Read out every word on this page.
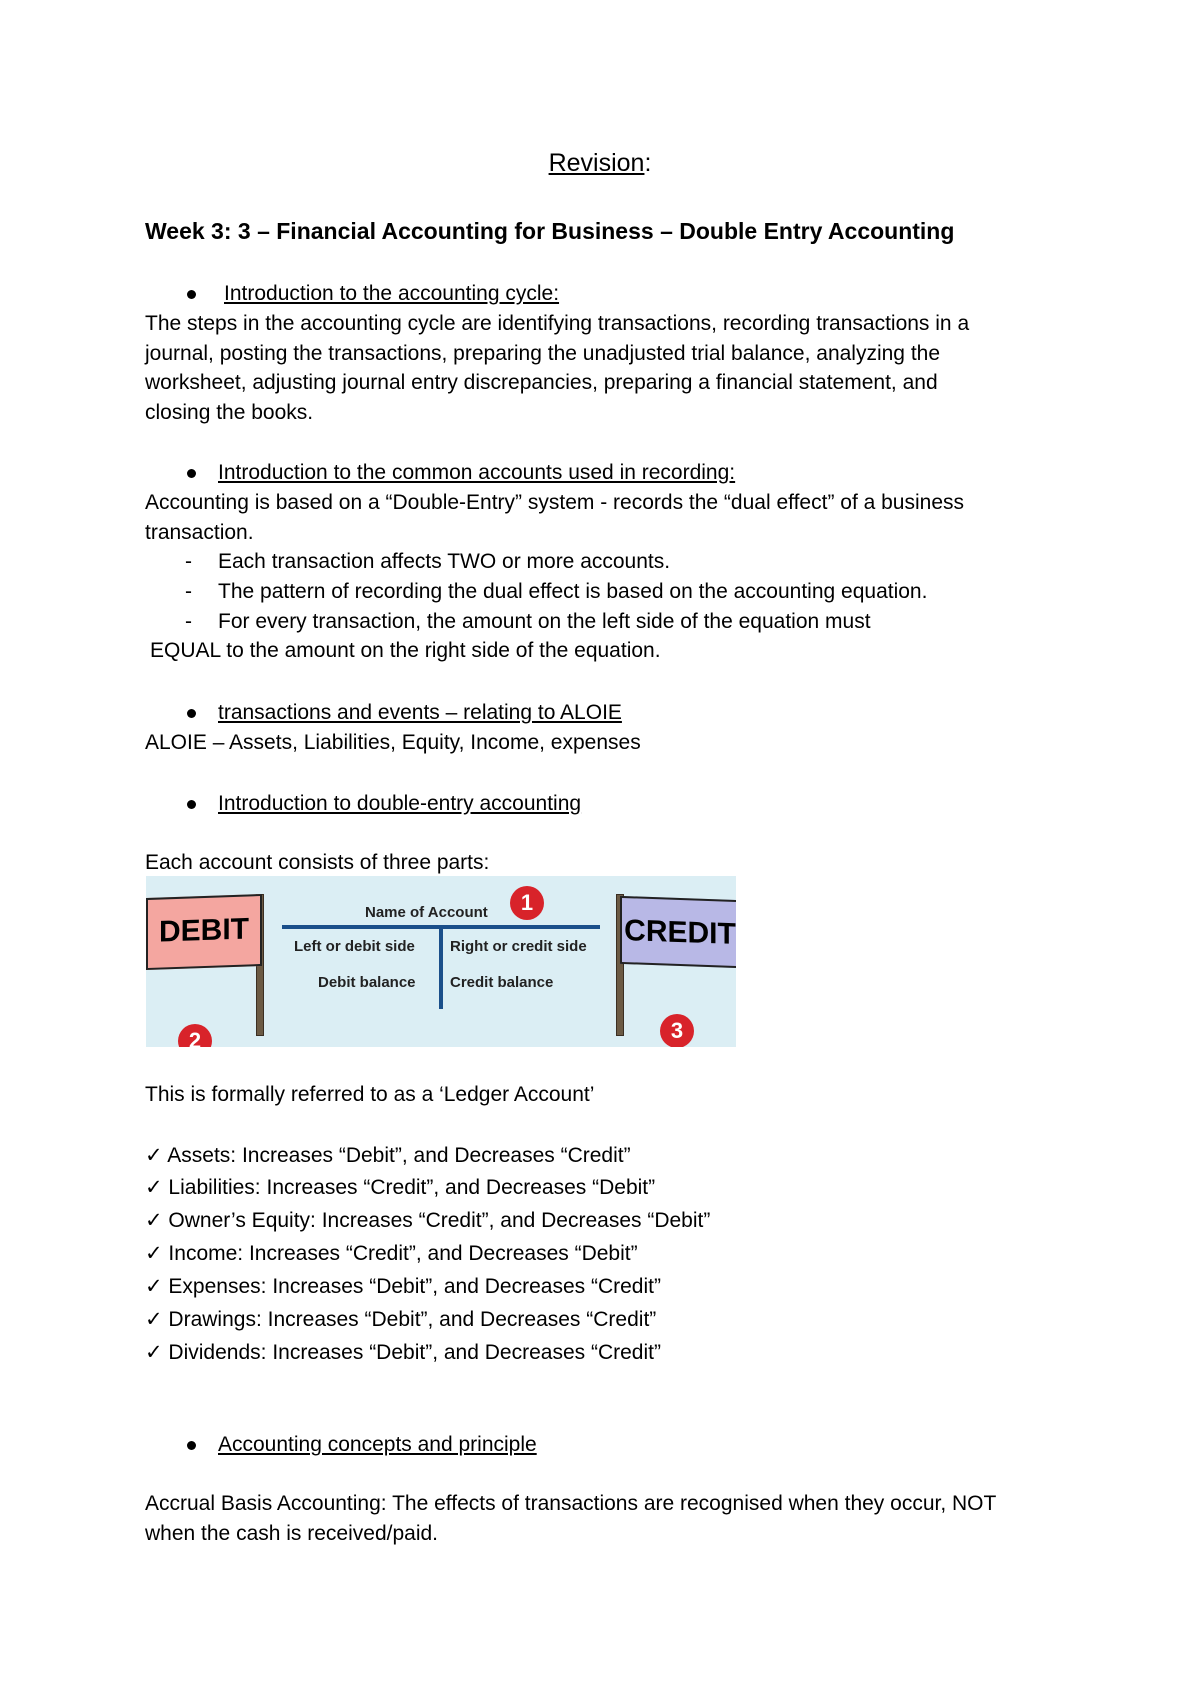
Revision:
Week 3: 3 – Financial Accounting for Business – Double Entry Accounting
Introduction to the accounting cycle:
The steps in the accounting cycle are identifying transactions, recording transactions in a
journal, posting the transactions, preparing the unadjusted trial balance, analyzing the
worksheet, adjusting journal entry discrepancies, preparing a financial statement, and
closing the books.
Introduction to the common accounts used in recording:
Accounting is based on a “Double-Entry” system - records the “dual effect” of a business
transaction.
- Each transaction affects TWO or more accounts.
- The pattern of recording the dual effect is based on the accounting equation.
- For every transaction, the amount on the left side of the equation must
EQUAL to the amount on the right side of the equation.
transactions and events – relating to ALOIE
ALOIE – Assets, Liabilities, Equity, Income, expenses
Introduction to double-entry accounting
Each account consists of three parts:
DEBIT	CREDIT
Name of Account	1
Left or debit side Right or credit side
Debit balance Credit balance
2	3
This is formally referred to as a ‘Ledger Account’
✓ Assets: Increases “Debit”, and Decreases “Credit”
✓ Liabilities: Increases “Credit”, and Decreases “Debit”
✓ Owner’s Equity: Increases “Credit”, and Decreases “Debit”
✓ Income: Increases “Credit”, and Decreases “Debit”
✓ Expenses: Increases “Debit”, and Decreases “Credit”
✓ Drawings: Increases “Debit”, and Decreases “Credit”
✓ Dividends: Increases “Debit”, and Decreases “Credit”
Accounting concepts and principle
Accrual Basis Accounting: The effects of transactions are recognised when they occur, NOT
when the cash is received/paid.
